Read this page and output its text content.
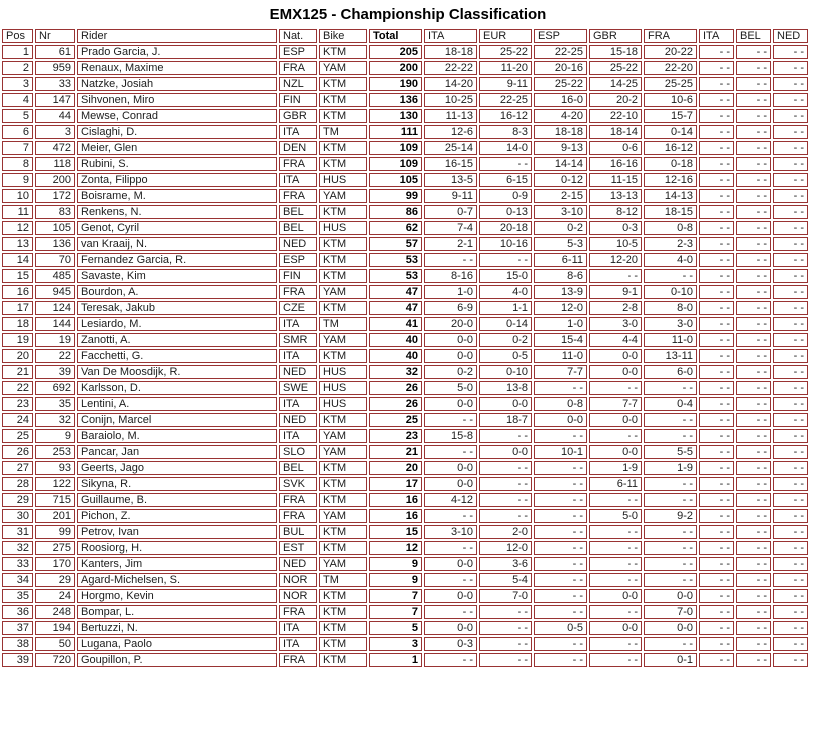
EMX125 - Championship Classification
Pos	Nr	Rider	Nat.	Bike	Total	ITA	EUR	ESP	GBR	FRA	ITA	BEL	NED
1	61	Prado Garcia, J.	ESP	KTM	205	18-18	25-22	22-25	15-18	20-22	- -	- -	- -
2	959	Renaux, Maxime	FRA	YAM	200	22-22	11-20	20-16	25-22	22-20	- -	- -	- -
3	33	Natzke, Josiah	NZL	KTM	190	14-20	9-11	25-22	14-25	25-25	- -	- -	- -
4	147	Sihvonen, Miro	FIN	KTM	136	10-25	22-25	16-0	20-2	10-6	- -	- -	- -
5	44	Mewse, Conrad	GBR	KTM	130	11-13	16-12	4-20	22-10	15-7	- -	- -	- -
6	3	Cislaghi, D.	ITA	TM	111	12-6	8-3	18-18	18-14	0-14	- -	- -	- -
7	472	Meier, Glen	DEN	KTM	109	25-14	14-0	9-13	0-6	16-12	- -	- -	- -
8	118	Rubini, S.	FRA	KTM	109	16-15	- -	14-14	16-16	0-18	- -	- -	- -
9	200	Zonta, Filippo	ITA	HUS	105	13-5	6-15	0-12	11-15	12-16	- -	- -	- -
10	172	Boisrame, M.	FRA	YAM	99	9-11	0-9	2-15	13-13	14-13	- -	- -	- -
11	83	Renkens, N.	BEL	KTM	86	0-7	0-13	3-10	8-12	18-15	- -	- -	- -
12	105	Genot, Cyril	BEL	HUS	62	7-4	20-18	0-2	0-3	0-8	- -	- -	- -
13	136	van Kraaij, N.	NED	KTM	57	2-1	10-16	5-3	10-5	2-3	- -	- -	- -
14	70	Fernandez Garcia, R.	ESP	KTM	53	- -	- -	6-11	12-20	4-0	- -	- -	- -
15	485	Savaste, Kim	FIN	KTM	53	8-16	15-0	8-6	- -	- -	- -	- -	- -
16	945	Bourdon, A.	FRA	YAM	47	1-0	4-0	13-9	9-1	0-10	- -	- -	- -
17	124	Teresak, Jakub	CZE	KTM	47	6-9	1-1	12-0	2-8	8-0	- -	- -	- -
18	144	Lesiardo, M.	ITA	TM	41	20-0	0-14	1-0	3-0	3-0	- -	- -	- -
19	19	Zanotti, A.	SMR	YAM	40	0-0	0-2	15-4	4-4	11-0	- -	- -	- -
20	22	Facchetti, G.	ITA	KTM	40	0-0	0-5	11-0	0-0	13-11	- -	- -	- -
21	39	Van De Moosdijk, R.	NED	HUS	32	0-2	0-10	7-7	0-0	6-0	- -	- -	- -
22	692	Karlsson, D.	SWE	HUS	26	5-0	13-8	- -	- -	- -	- -	- -	- -
23	35	Lentini, A.	ITA	HUS	26	0-0	0-0	0-8	7-7	0-4	- -	- -	- -
24	32	Conijn, Marcel	NED	KTM	25	- -	18-7	0-0	0-0	- -	- -	- -	- -
25	9	Baraiolo, M.	ITA	YAM	23	15-8	- -	- -	- -	- -	- -	- -	- -
26	253	Pancar, Jan	SLO	YAM	21	- -	0-0	10-1	0-0	5-5	- -	- -	- -
27	93	Geerts, Jago	BEL	KTM	20	0-0	- -	- -	1-9	1-9	- -	- -	- -
28	122	Sikyna, R.	SVK	KTM	17	0-0	- -	- -	6-11	- -	- -	- -	- -
29	715	Guillaume, B.	FRA	KTM	16	4-12	- -	- -	- -	- -	- -	- -	- -
30	201	Pichon, Z.	FRA	YAM	16	- -	- -	- -	5-0	9-2	- -	- -	- -
31	99	Petrov, Ivan	BUL	KTM	15	3-10	2-0	- -	- -	- -	- -	- -	- -
32	275	Roosiorg, H.	EST	KTM	12	- -	12-0	- -	- -	- -	- -	- -	- -
33	170	Kanters, Jim	NED	YAM	9	0-0	3-6	- -	- -	- -	- -	- -	- -
34	29	Agard-Michelsen, S.	NOR	TM	9	- -	5-4	- -	- -	- -	- -	- -	- -
35	24	Horgmo, Kevin	NOR	KTM	7	0-0	7-0	- -	0-0	0-0	- -	- -	- -
36	248	Bompar, L.	FRA	KTM	7	- -	- -	- -	- -	7-0	- -	- -	- -
37	194	Bertuzzi, N.	ITA	KTM	5	0-0	- -	0-5	0-0	0-0	- -	- -	- -
38	50	Lugana, Paolo	ITA	KTM	3	0-3	- -	- -	- -	- -	- -	- -	- -
39	720	Goupillon, P.	FRA	KTM	1	- -	- -	- -	- -	0-1	- -	- -	- -
